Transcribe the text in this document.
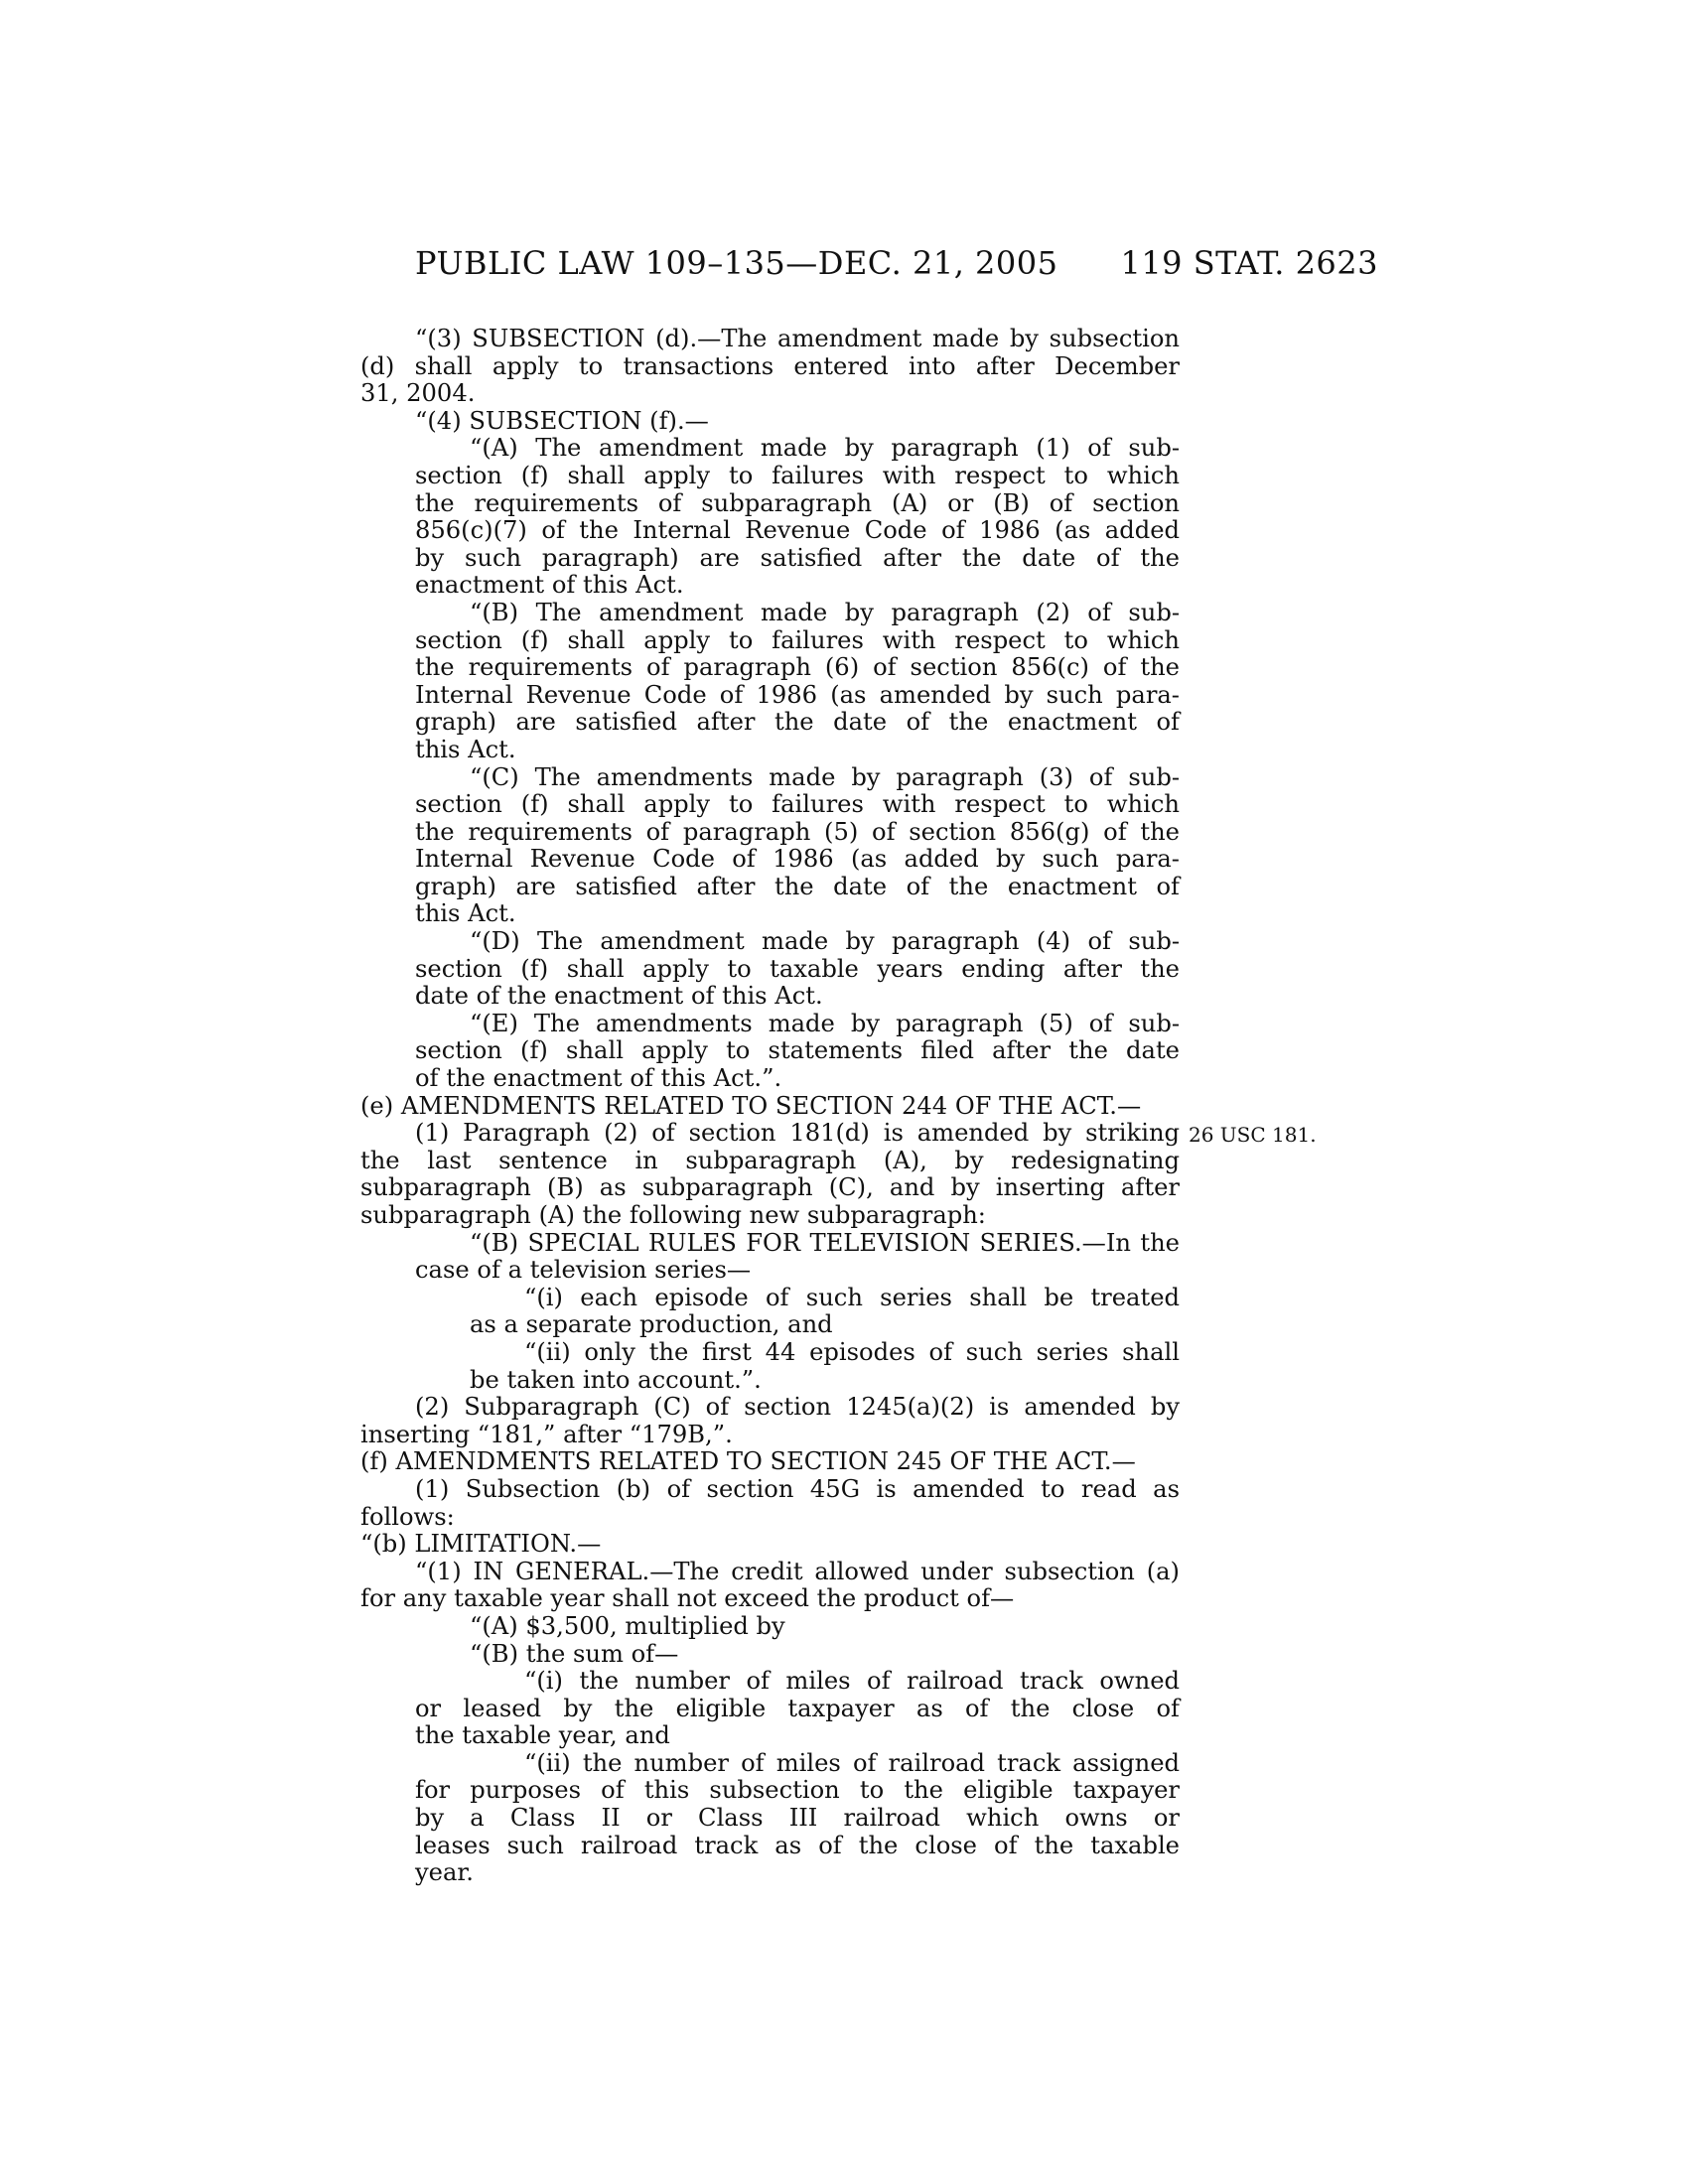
PUBLIC LAW 109–135—DEC. 21, 2005 119 STAT. 2623
“(3) SUBSECTION (d).—The amendment made by subsection
(d) shall apply to transactions entered into after December
31, 2004.
“(4) SUBSECTION (f).—
“(A) The amendment made by paragraph (1) of sub-
section (f) shall apply to failures with respect to which
the requirements of subparagraph (A) or (B) of section
856(c)(7) of the Internal Revenue Code of 1986 (as added
by such paragraph) are satisfied after the date of the
enactment of this Act.
“(B) The amendment made by paragraph (2) of sub-
section (f) shall apply to failures with respect to which
the requirements of paragraph (6) of section 856(c) of the
Internal Revenue Code of 1986 (as amended by such para-
graph) are satisfied after the date of the enactment of
this Act.
“(C) The amendments made by paragraph (3) of sub-
section (f) shall apply to failures with respect to which
the requirements of paragraph (5) of section 856(g) of the
Internal Revenue Code of 1986 (as added by such para-
graph) are satisfied after the date of the enactment of
this Act.
“(D) The amendment made by paragraph (4) of sub-
section (f) shall apply to taxable years ending after the
date of the enactment of this Act.
“(E) The amendments made by paragraph (5) of sub-
section (f) shall apply to statements filed after the date
of the enactment of this Act.”.
(e) AMENDMENTS RELATED TO SECTION 244 OF THE ACT.—
(1) Paragraph (2) of section 181(d) is amended by striking
the last sentence in subparagraph (A), by redesignating
subparagraph (B) as subparagraph (C), and by inserting after
subparagraph (A) the following new subparagraph:
“(B) SPECIAL RULES FOR TELEVISION SERIES.—In the
case of a television series—
“(i) each episode of such series shall be treated
as a separate production, and
“(ii) only the first 44 episodes of such series shall
be taken into account.”.
(2) Subparagraph (C) of section 1245(a)(2) is amended by
inserting “181,” after “179B,”.
(f) AMENDMENTS RELATED TO SECTION 245 OF THE ACT.—
(1) Subsection (b) of section 45G is amended to read as
follows:
“(b) LIMITATION.—
“(1) IN GENERAL.—The credit allowed under subsection (a)
for any taxable year shall not exceed the product of—
“(A) $3,500, multiplied by
“(B) the sum of—
“(i) the number of miles of railroad track owned
or leased by the eligible taxpayer as of the close of
the taxable year, and
“(ii) the number of miles of railroad track assigned
for purposes of this subsection to the eligible taxpayer
by a Class II or Class III railroad which owns or
leases such railroad track as of the close of the taxable
year.
26 USC 181.
